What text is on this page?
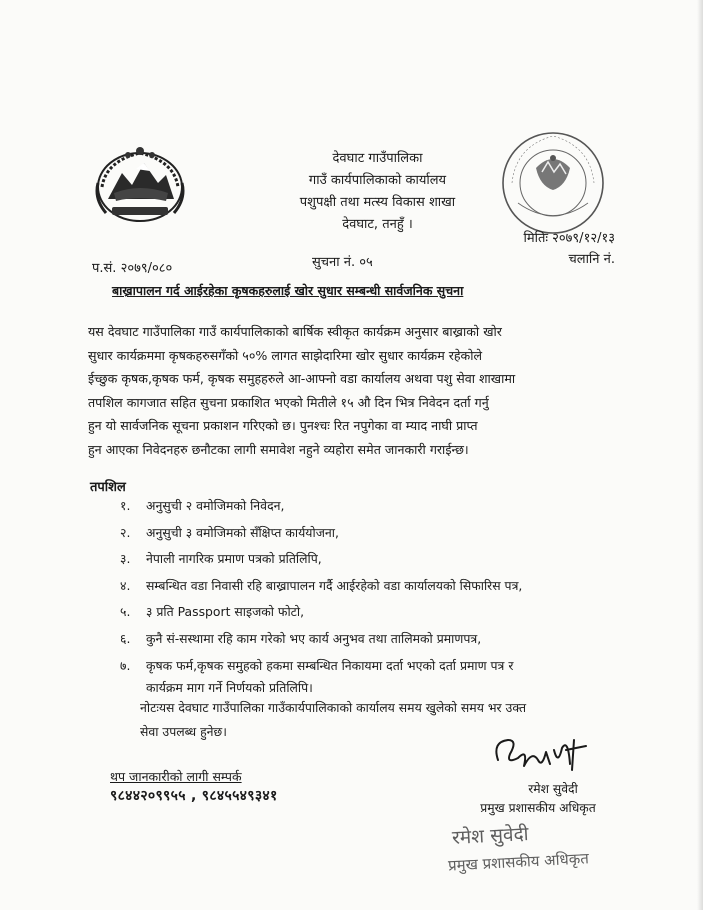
देवघाट गाउँपालिका
गाउँ कार्यपालिकाको कार्यालय
पशुपक्षी तथा मत्स्य विकास शाखा
देवघाट, तनहुँ ।
मितिः २०७९/१२/१३
चलानि नं.
प.सं. २०७९/०८०	सुचना नं. ०५
बाख्रापालन गर्द आईरहेका कृषकहरुलाई खोर सुधार सम्बन्धी सार्वजनिक सुचना
यस देवघाट गाउँपालिका गाउँ कार्यपालिकाको बार्षिक स्वीकृत कार्यक्रम अनुसार बाख्राको खोर
सुधार कार्यक्रममा कृषकहरुसगँको ५०% लागत साझेदारिमा खोर सुधार कार्यक्रम रहेकोले
ईच्छुक कृषक,कृषक फर्म, कृषक समुहहरुले आ-आफ्नो वडा कार्यालय अथवा पशु सेवा शाखामा
तपशिल कागजात सहित सुचना प्रकाशित भएको मितीले १५ औ दिन भित्र निवेदन दर्ता गर्नु
हुन यो सार्वजनिक सूचना प्रकाशन गरिएको छ। पुनश्चः रित नपुगेका वा म्याद नाघी प्राप्त
हुन आएका निवेदनहरु छनौटका लागी समावेश नहुने व्यहोरा समेत जानकारी गराईन्छ।
तपशिल
१. अनुसुची २ वमोजिमको निवेदन,
२. अनुसुची ३ वमोजिमको सँक्षिप्त कार्ययोजना,
३. नेपाली नागरिक प्रमाण पत्रको प्रतिलिपि,
४. सम्बन्धित वडा निवासी रहि बाख्रापालन गर्दै आईरहेको वडा कार्यालयको सिफारिस पत्र,
५. ३ प्रति Passport साइजको फोटो,
६. कुनै सं-सस्थामा रहि काम गरेको भए कार्य अनुभव तथा तालिमको प्रमाणपत्र,
७. कृषक फर्म,कृषक समुहको हकमा सम्बन्धित निकायमा दर्ता भएको दर्ता प्रमाण पत्र र
कार्यक्रम माग गर्ने निर्णयको प्रतिलिपि।
नोटःयस देवघाट गाउँपालिका गाउँकार्यपालिकाको कार्यालय समय खुलेको समय भर उक्त
सेवा उपलब्ध हुनेछ।
थप जानकारीको लागी सम्पर्क
९८४४२०९९५५ , ९८४५५४९३४१	रमेश सुवेदी
प्रमुख प्रशासकीय अधिकृत
रमेश सुवेदी
प्रमुख प्रशासकीय अधिकृत
